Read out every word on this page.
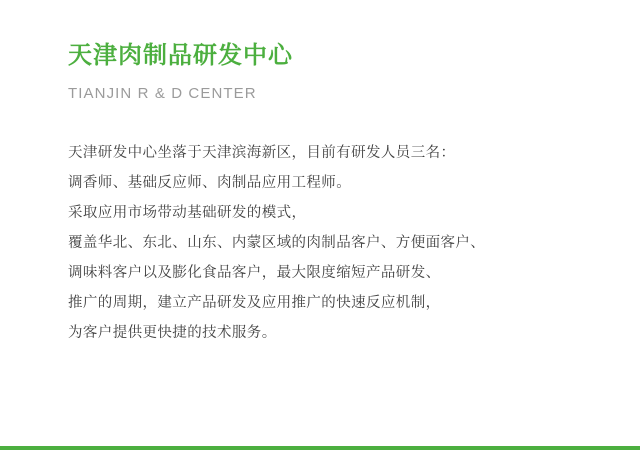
天津肉制品研发中心
TIANJIN R & D CENTER
天津研发中心坐落于天津滨海新区，目前有研发人员三名：
调香师、基础反应师、肉制品应用工程师。
采取应用市场带动基础研发的模式，
覆盖华北、东北、山东、内蒙区域的肉制品客户、方便面客户、
调味料客户以及膨化食品客户，最大限度缩短产品研发、
推广的周期，建立产品研发及应用推广的快速反应机制，
为客户提供更快捷的技术服务。
